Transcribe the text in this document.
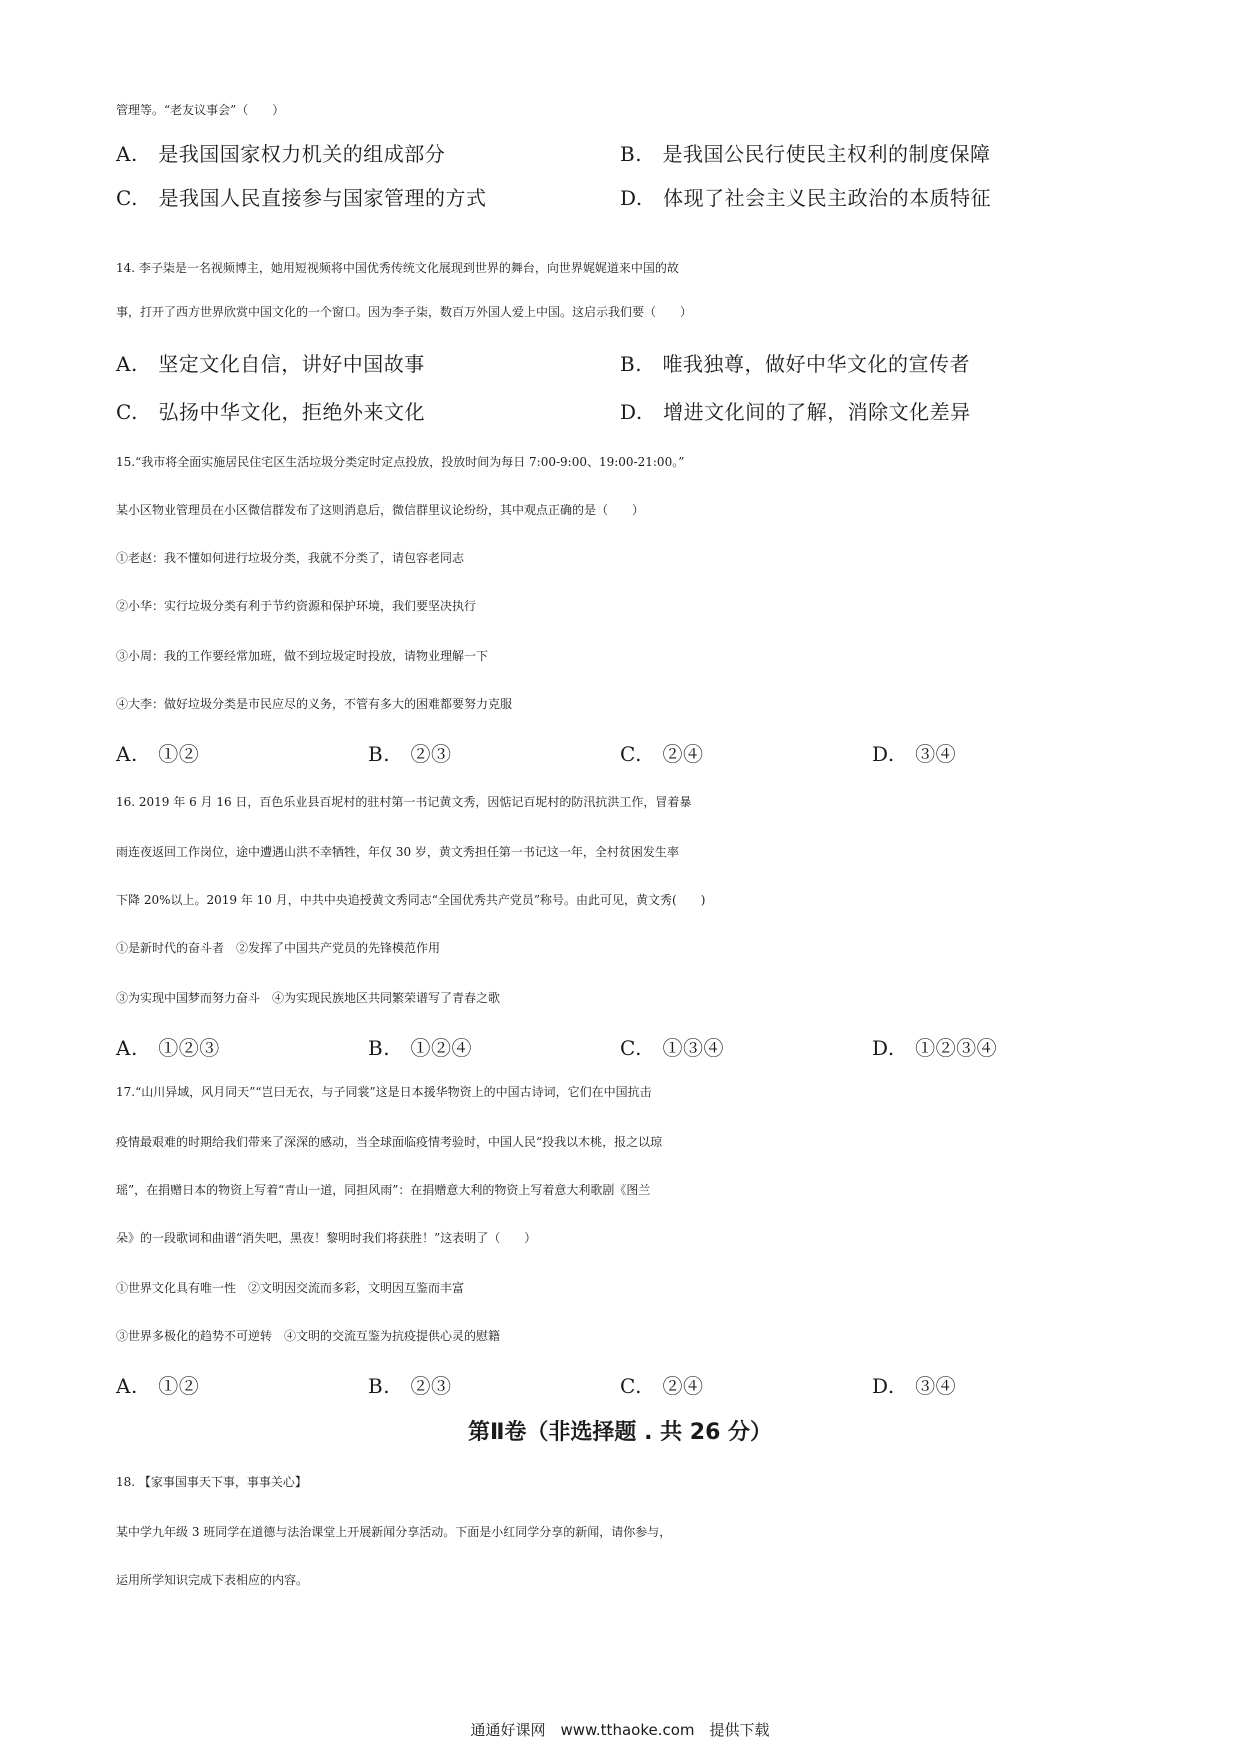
管理等。“老友议事会”（　　）
A.　是我国国家权力机关的组成部分	B.　是我国公民行使民主权利的制度保障
C.　是我国人民直接参与国家管理的方式	D.　体现了社会主义民主政治的本质特征
14. 李子柒是一名视频博主，她用短视频将中国优秀传统文化展现到世界的舞台，向世界娓娓道来中国的故
事，打开了西方世界欣赏中国文化的一个窗口。因为李子柒，数百万外国人爱上中国。这启示我们要（　　）
A.　坚定文化自信，讲好中国故事	B.　唯我独尊，做好中华文化的宣传者
C.　弘扬中华文化，拒绝外来文化	D.　增进文化间的了解，消除文化差异
15.“我市将全面实施居民住宅区生活垃圾分类定时定点投放，投放时间为每日 7:00-9:00、19:00-21:00。”
某小区物业管理员在小区微信群发布了这则消息后，微信群里议论纷纷，其中观点正确的是（　　）
①老赵：我不懂如何进行垃圾分类，我就不分类了，请包容老同志
②小华：实行垃圾分类有利于节约资源和保护环境，我们要坚决执行
③小周：我的工作要经常加班，做不到垃圾定时投放，请物业理解一下
④大李：做好垃圾分类是市民应尽的义务，不管有多大的困难都要努力克服
A.　①②	B.　②③	C.　②④	D.　③④
16. 2019 年 6 月 16 日，百色乐业县百坭村的驻村第一书记黄文秀，因惦记百坭村的防汛抗洪工作，冒着暴
雨连夜返回工作岗位，途中遭遇山洪不幸牺牲，年仅 30 岁，黄文秀担任第一书记这一年，全村贫困发生率
下降 20%以上。2019 年 10 月，中共中央追授黄文秀同志“全国优秀共产党员”称号。由此可见，黄文秀(　　)
①是新时代的奋斗者　②发挥了中国共产党员的先锋模范作用
③为实现中国梦而努力奋斗　④为实现民族地区共同繁荣谱写了青春之歌
A.　①②③	B.　①②④	C.　①③④	D.　①②③④
17.“山川异域，风月同天”“岂曰无衣，与子同裳”这是日本援华物资上的中国古诗词，它们在中国抗击
疫情最艰难的时期给我们带来了深深的感动，当全球面临疫情考验时，中国人民“投我以木桃，报之以琼
瑶”，在捐赠日本的物资上写着“青山一道，同担风雨”：在捐赠意大利的物资上写着意大利歌剧《图兰
朵》的一段歌词和曲谱“消失吧，黑夜！黎明时我们将获胜！”这表明了（　　）
①世界文化具有唯一性　②文明因交流而多彩，文明因互鉴而丰富
③世界多极化的趋势不可逆转　④文明的交流互鉴为抗疫提供心灵的慰籍
A.　①②	B.　②③	C.　②④	D.　③④
第Ⅱ卷（非选择题 . 共 26 分）
18. 【家事国事天下事，事事关心】
某中学九年级 3 班同学在道德与法治课堂上开展新闻分享活动。下面是小红同学分享的新闻，请你参与，
运用所学知识完成下表相应的内容。
通通好课网　www.tthaoke.com　提供下载
